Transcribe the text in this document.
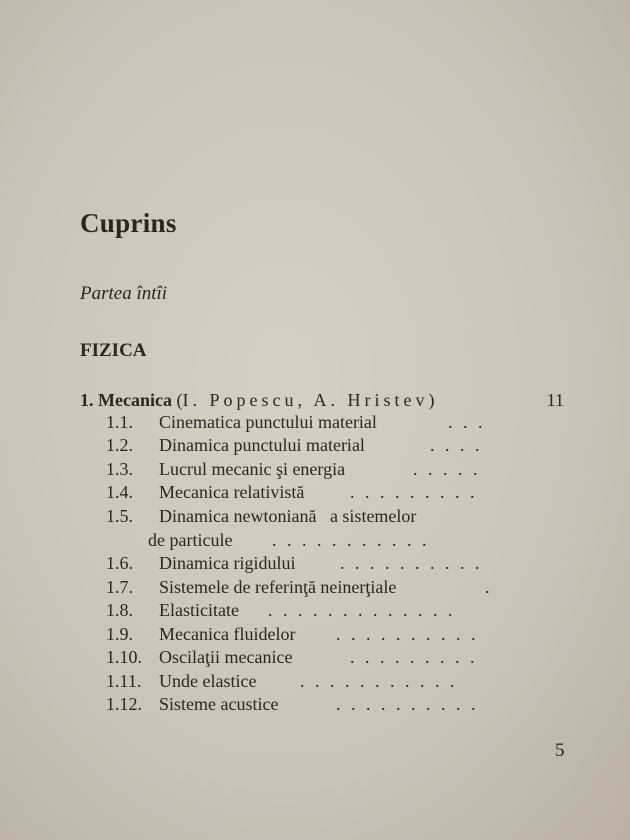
Cuprins
Partea întîi
FIZICA
1. Mecanica (I. Popescu, A. Hristev)	11
1.1. Cinematica punctului material	. . .
1.2. Dinamica punctului material	. . . .
1.3. Lucrul mecanic şi energia	. . . . .
1.4. Mecanica relativistă	. . . . . . . . .
1.5. Dinamica newtoniană   a sistemelor
de particule . . . . . . . . . . .
1.6. Dinamica rigidului . . . . . . . . . .
1.7. Sistemele de referinţă neinerţiale	.
1.8. Elasticitate . . . . . . . . . . . . .
1.9. Mecanica fluidelor . . . . . . . . . .
1.10. Oscilaţii mecanice	. . . . . . . . .
1.11. Unde elastice . . . . . . . . . . .
1.12. Sisteme acustice	. . . . . . . . . .
5
